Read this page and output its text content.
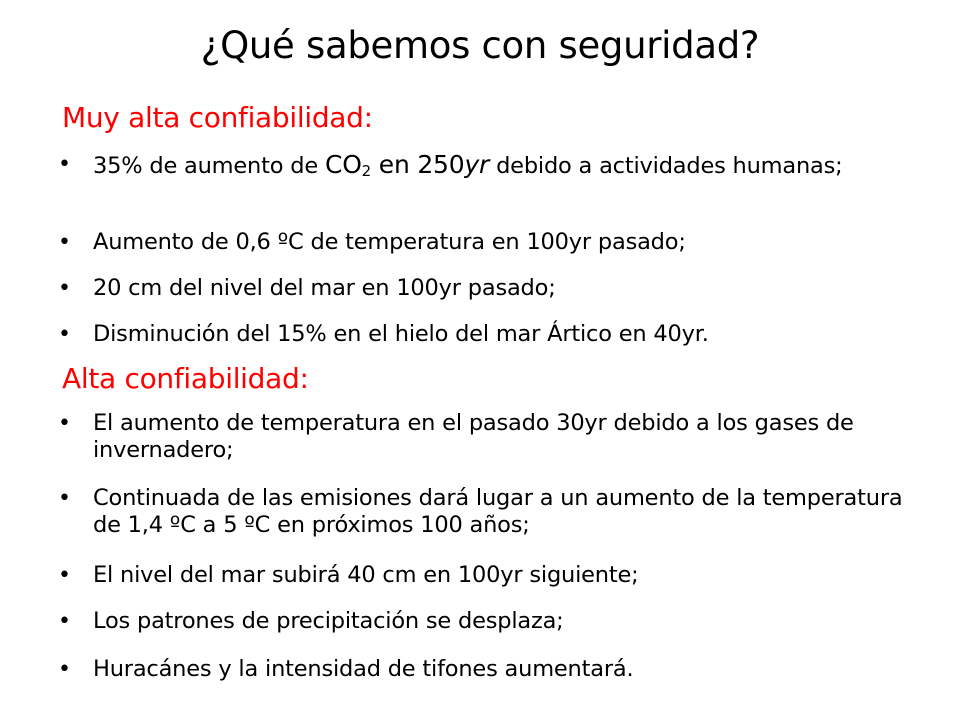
¿Qué sabemos con seguridad?
Muy alta confiabilidad:
• 35% de aumento de $CO_2$ en 250yr debido a actividades humanas;
• Aumento de 0,6 ºC de temperatura en 100yr pasado;
• 20 cm del nivel del mar en 100yr pasado;
• Disminución del 15% en el hielo del mar Ártico en 40yr.
Alta confiabilidad:
• El aumento de temperatura en el pasado 30yr debido a los gases de invernadero;
• Continuada de las emisiones dará lugar a un aumento de la temperatura de 1,4 ºC a 5 ºC en próximos 100 años;
• El nivel del mar subirá 40 cm en 100yr siguiente;
• Los patrones de precipitación se desplaza;
• Huracánes y la intensidad de tifones aumentará.
